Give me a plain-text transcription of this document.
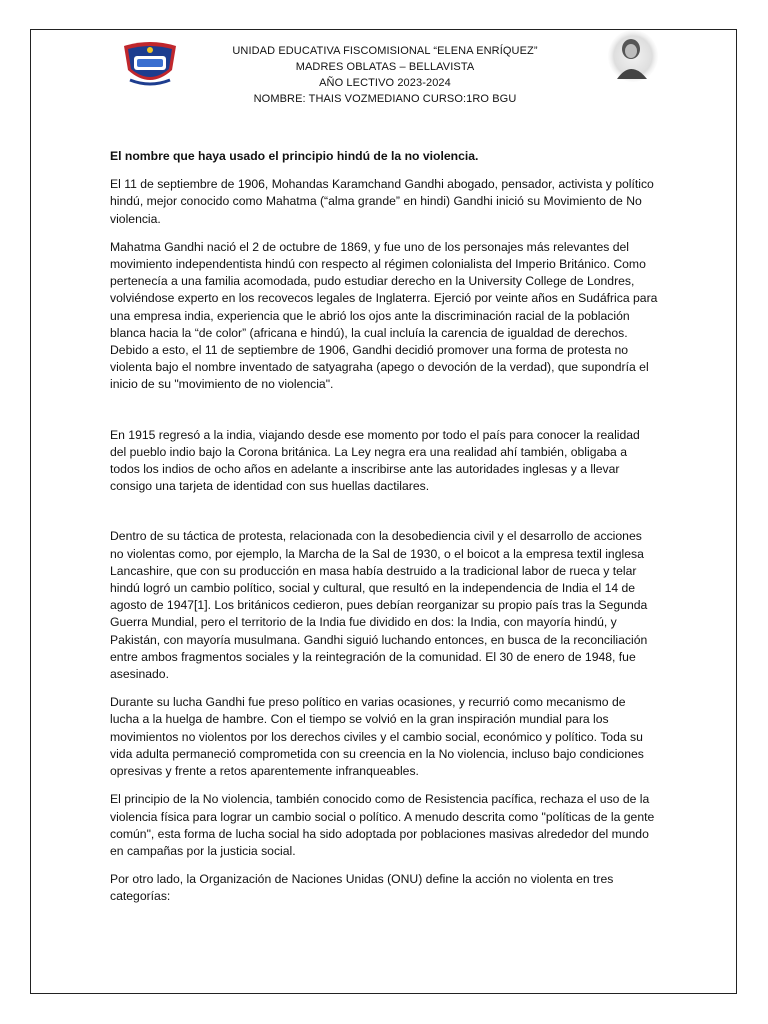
UNIDAD EDUCATIVA FISCOMISIONAL “ELENA ENRÍQUEZ”
MADRES OBLATAS – BELLAVISTA
AÑO LECTIVO 2023-2024
NOMBRE: THAIS VOZMEDIANO CURSO:1RO BGU

El nombre que haya usado el principio hindú de la no violencia.

El 11 de septiembre de 1906, Mohandas Karamchand Gandhi abogado, pensador, activista y político hindú, mejor conocido como Mahatma (“alma grande” en hindi) Gandhi inició su Movimiento de No violencia.

Mahatma Gandhi nació el 2 de octubre de 1869, y fue uno de los personajes más relevantes del movimiento independentista hindú con respecto al régimen colonialista del Imperio Británico. Como pertenecía a una familia acomodada, pudo estudiar derecho en la University College de Londres, volviéndose experto en los recovecos legales de Inglaterra. Ejerció por veinte años en Sudáfrica para una empresa india, experiencia que le abrió los ojos ante la discriminación racial de la población blanca hacia la “de color” (africana e hindú), la cual incluía la carencia de igualdad de derechos. Debido a esto, el 11 de septiembre de 1906, Gandhi decidió promover una forma de protesta no violenta bajo el nombre inventado de satyagraha (apego o devoción de la verdad), que supondría el inicio de su "movimiento de no violencia".

En 1915 regresó a la india, viajando desde ese momento por todo el país para conocer la realidad del pueblo indio bajo la Corona británica. La Ley negra era una realidad ahí también, obligaba a todos los indios de ocho años en adelante a inscribirse ante las autoridades inglesas y a llevar consigo una tarjeta de identidad con sus huellas dactilares.

Dentro de su táctica de protesta, relacionada con la desobediencia civil y el desarrollo de acciones no violentas como, por ejemplo, la Marcha de la Sal de 1930, o el boicot a la empresa textil inglesa Lancashire, que con su producción en masa había destruido a la tradicional labor de rueca y telar hindú logró un cambio político, social y cultural, que resultó en la independencia de India el 14 de agosto de 1947[1]. Los británicos cedieron, pues debían reorganizar su propio país tras la Segunda Guerra Mundial, pero el territorio de la India fue dividido en dos: la India, con mayoría hindú, y Pakistán, con mayoría musulmana. Gandhi siguió luchando entonces, en busca de la reconciliación entre ambos fragmentos sociales y la reintegración de la comunidad. El 30 de enero de 1948, fue asesinado.

Durante su lucha Gandhi fue preso político en varias ocasiones, y recurrió como mecanismo de lucha a la huelga de hambre. Con el tiempo se volvió en la gran inspiración mundial para los movimientos no violentos por los derechos civiles y el cambio social, económico y político. Toda su vida adulta permaneció comprometida con su creencia en la No violencia, incluso bajo condiciones opresivas y frente a retos aparentemente infranqueables.

El principio de la No violencia, también conocido como de Resistencia pacífica, rechaza el uso de la violencia física para lograr un cambio social o político. A menudo descrita como "políticas de la gente común", esta forma de lucha social ha sido adoptada por poblaciones masivas alrededor del mundo en campañas por la justicia social.

Por otro lado, la Organización de Naciones Unidas (ONU) define la acción no violenta en tres categorías:
